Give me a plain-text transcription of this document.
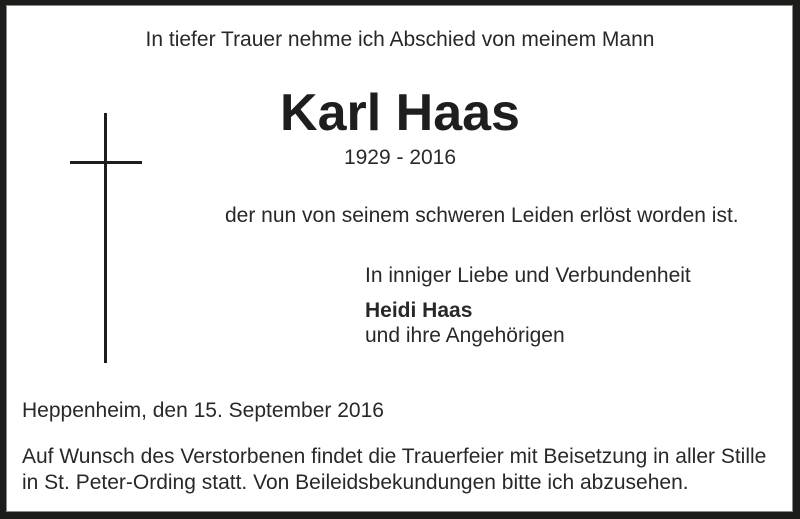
In tiefer Trauer nehme ich Abschied von meinem Mann
Karl Haas
1929 - 2016
der nun von seinem schweren Leiden erlöst worden ist.
In inniger Liebe und Verbundenheit
Heidi Haas
und ihre Angehörigen
Heppenheim, den 15. September 2016
Auf Wunsch des Verstorbenen findet die Trauerfeier mit Beisetzung in aller Stille
in St. Peter-Ording statt. Von Beileidsbekundungen bitte ich abzusehen.
